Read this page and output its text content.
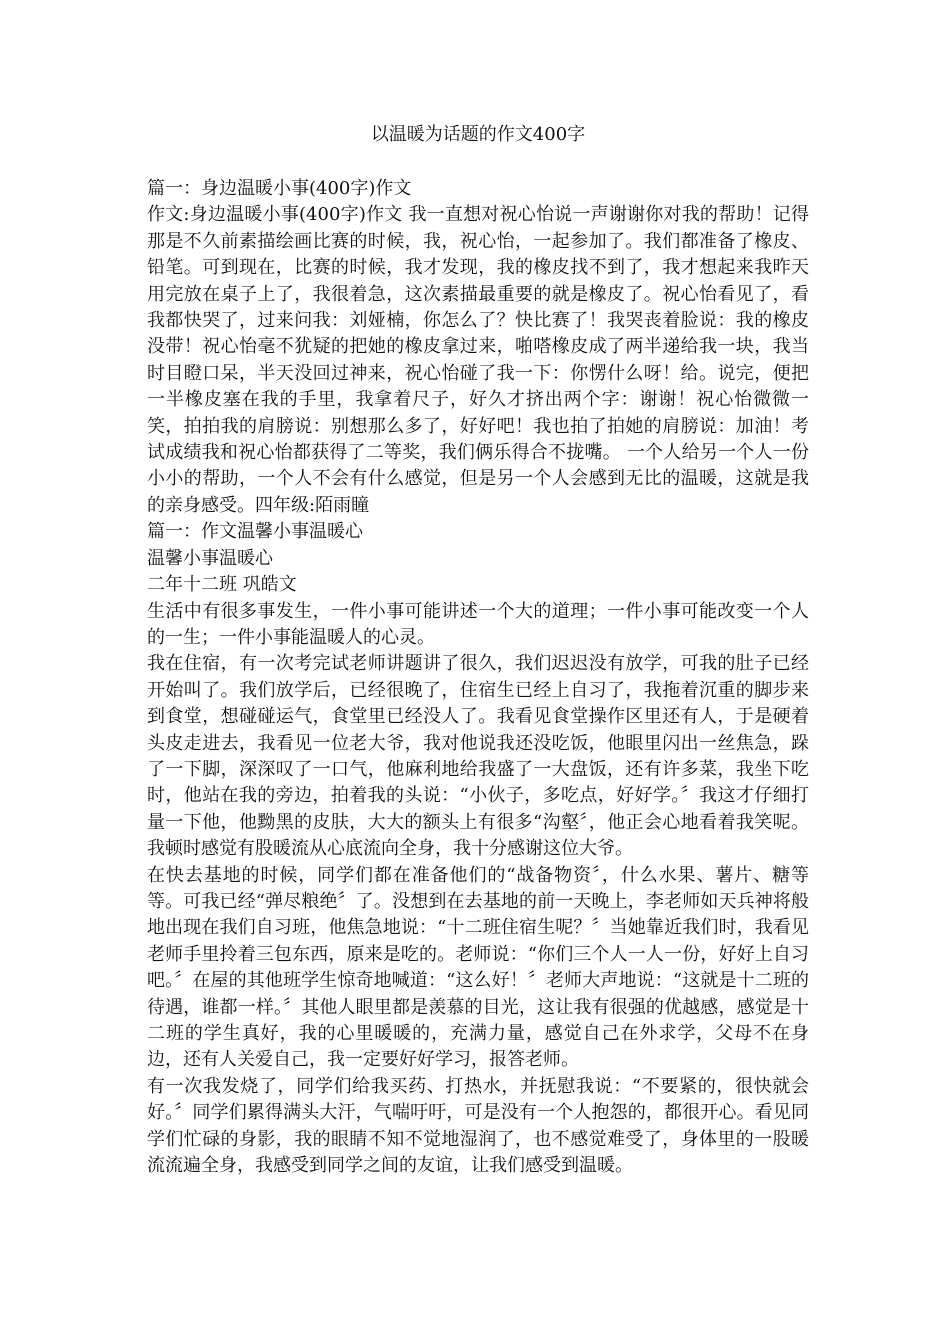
以温暖为话题的作文400字
篇一：身边温暖小事(400字)作文

作文:身边温暖小事(400字)作文 我一直想对祝心怡说一声谢谢你对我的帮助！记得那是不久前素描绘画比赛的时候，我，祝心怡，一起参加了。我们都准备了橡皮、铅笔。可到现在，比赛的时候，我才发现，我的橡皮找不到了，我才想起来我昨天用完放在桌子上了，我很着急，这次素描最重要的就是橡皮了。祝心怡看见了，看我都快哭了，过来问我：刘娅楠，你怎么了？快比赛了！我哭丧着脸说：我的橡皮没带！祝心怡毫不犹疑的把她的橡皮拿过来，啪嗒橡皮成了两半递给我一块，我当时目瞪口呆，半天没回过神来，祝心怡碰了我一下：你愣什么呀！给。说完，便把一半橡皮塞在我的手里，我拿着尺子，好久才挤出两个字：谢谢！祝心怡微微一笑，拍拍我的肩膀说：别想那么多了，好好吧！我也拍了拍她的肩膀说：加油！考试成绩我和祝心怡都获得了二等奖，我们俩乐得合不拢嘴。 一个人给另一个人一份小小的帮助，一个人不会有什么感觉，但是另一个人会感到无比的温暖，这就是我的亲身感受。四年级:陌雨瞳

篇一：作文温馨小事温暖心
温馨小事温暖心
二年十二班 巩皓文

生活中有很多事发生，一件小事可能讲述一个大的道理；一件小事可能改变一个人的一生；一件小事能温暖人的心灵。

我在住宿，有一次考完试老师讲题讲了很久，我们迟迟没有放学，可我的肚子已经开始叫了。我们放学后，已经很晚了，住宿生已经上自习了，我拖着沉重的脚步来到食堂，想碰碰运气，食堂里已经没人了。我看见食堂操作区里还有人，于是硬着头皮走进去，我看见一位老大爷，我对他说我还没吃饭，他眼里闪出一丝焦急，跺了一下脚，深深叹了一口气，他麻利地给我盛了一大盘饭，还有许多菜，我坐下吃时，他站在我的旁边，拍着我的头说：“小伙子，多吃点，好好学。〞我这才仔细打量一下他，他黝黑的皮肤，大大的额头上有很多“沟壑〞，他正会心地看着我笑呢。我顿时感觉有股暖流从心底流向全身，我十分感谢这位大爷。

在快去基地的时候，同学们都在准备他们的“战备物资〞，什么水果、薯片、糖等等。可我已经“弹尽粮绝〞了。没想到在去基地的前一天晚上，李老师如天兵神将般地出现在我们自习班，他焦急地说：“十二班住宿生呢？〞当她靠近我们时，我看见老师手里拎着三包东西，原来是吃的。老师说：“你们三个人一人一份，好好上自习吧。〞在屋的其他班学生惊奇地喊道：“这么好！〞老师大声地说：“这就是十二班的待遇，谁都一样。〞其他人眼里都是羡慕的目光，这让我有很强的优越感，感觉是十二班的学生真好，我的心里暖暖的，充满力量，感觉自己在外求学，父母不在身边，还有人关爱自己，我一定要好好学习，报答老师。

有一次我发烧了，同学们给我买药、打热水，并抚慰我说：“不要紧的，很快就会好。〞同学们累得满头大汗，气喘吁吁，可是没有一个人抱怨的，都很开心。看见同学们忙碌的身影，我的眼睛不知不觉地湿润了，也不感觉难受了，身体里的一股暖流流遍全身，我感受到同学之间的友谊，让我们感受到温暖。
